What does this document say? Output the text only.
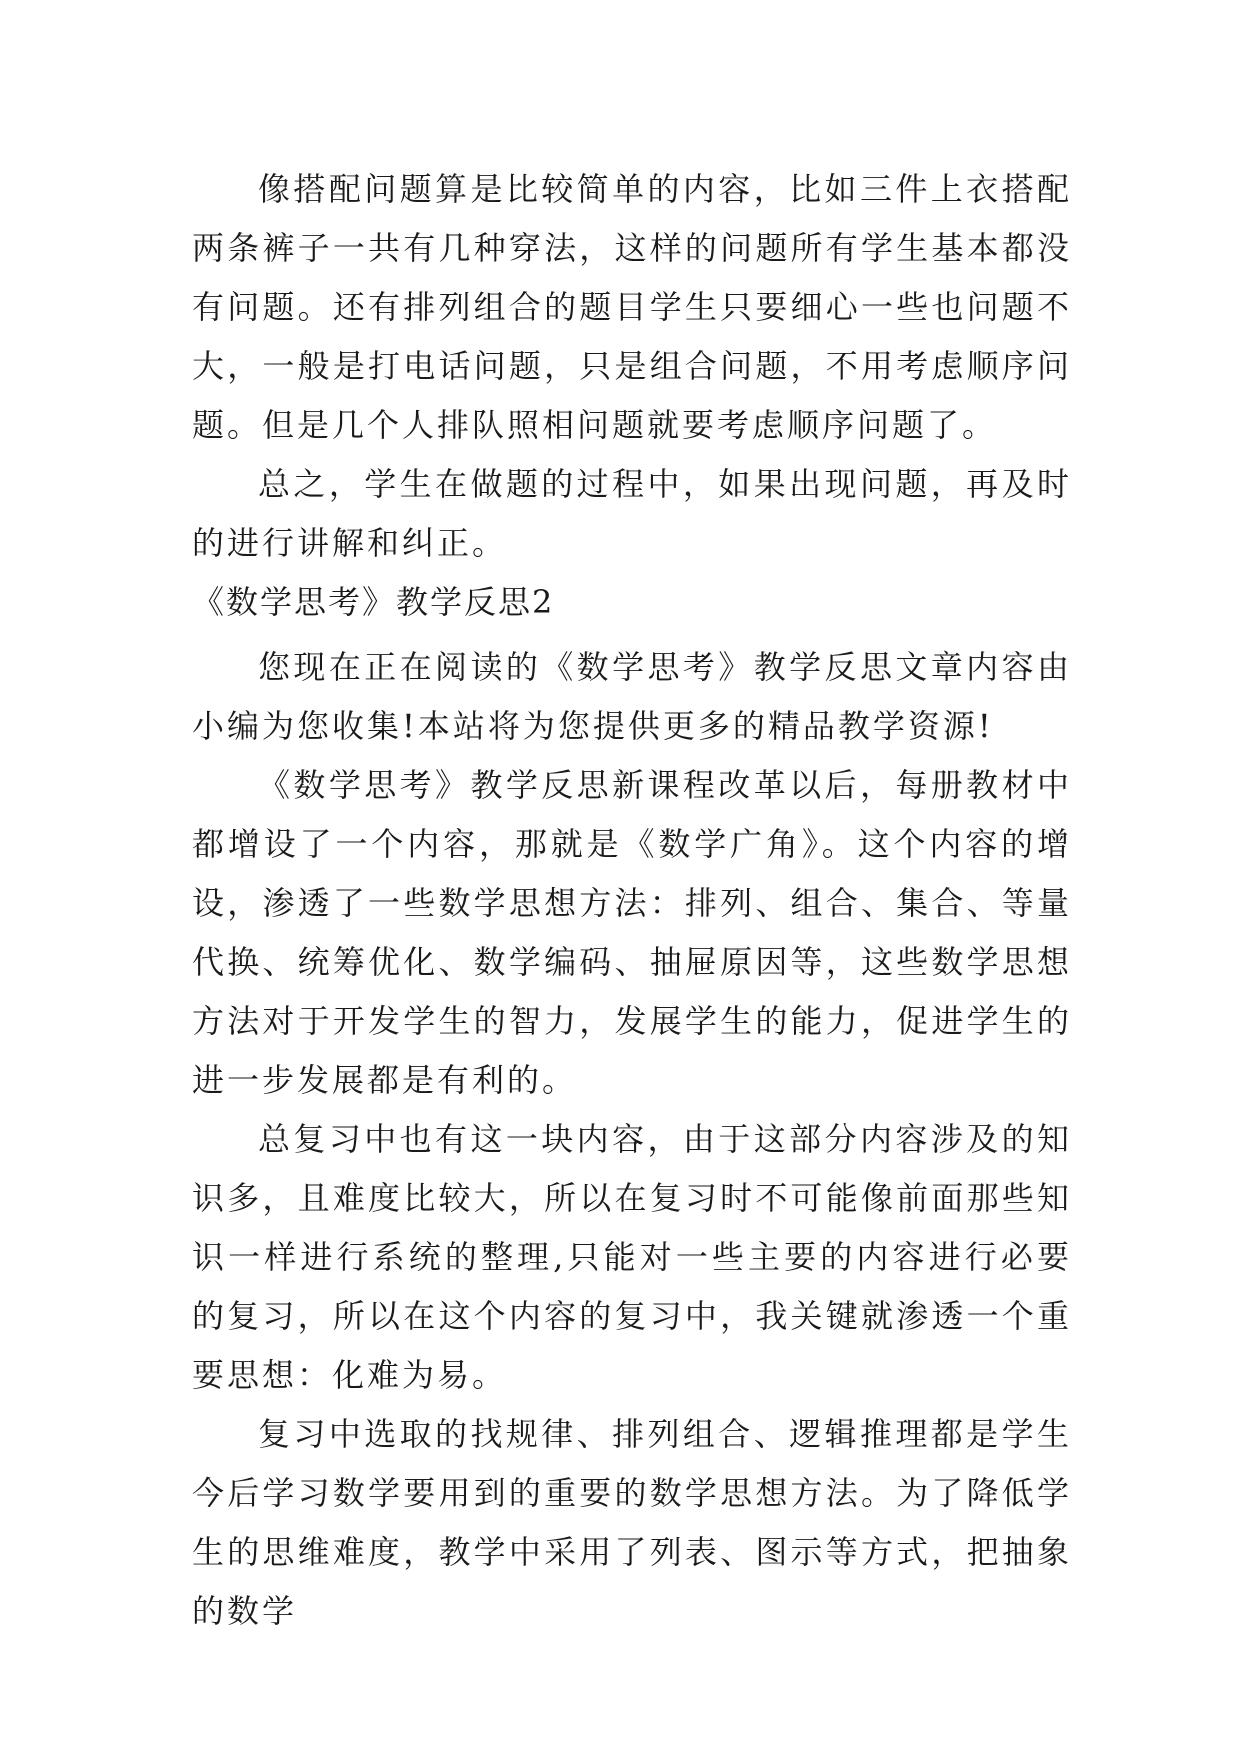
像搭配问题算是比较简单的内容，比如三件上衣搭配两条裤子一共有几种穿法，这样的问题所有学生基本都没有问题。还有排列组合的题目学生只要细心一些也问题不大，一般是打电话问题，只是组合问题，不用考虑顺序问题。但是几个人排队照相问题就要考虑顺序问题了。

总之，学生在做题的过程中，如果出现问题，再及时的进行讲解和纠正。

《数学思考》教学反思2

您现在正在阅读的《数学思考》教学反思文章内容由小编为您收集!本站将为您提供更多的精品教学资源!

《数学思考》教学反思新课程改革以后，每册教材中都增设了一个内容，那就是《数学广角》。这个内容的增设，渗透了一些数学思想方法：排列、组合、集合、等量代换、统筹优化、数学编码、抽屉原因等，这些数学思想方法对于开发学生的智力，发展学生的能力，促进学生的进一步发展都是有利的。

总复习中也有这一块内容，由于这部分内容涉及的知识多，且难度比较大，所以在复习时不可能像前面那些知识一样进行系统的整理,只能对一些主要的内容进行必要的复习，所以在这个内容的复习中，我关键就渗透一个重要思想：化难为易。

复习中选取的找规律、排列组合、逻辑推理都是学生今后学习数学要用到的重要的数学思想方法。为了降低学生的思维难度，教学中采用了列表、图示等方式，把抽象的数学
